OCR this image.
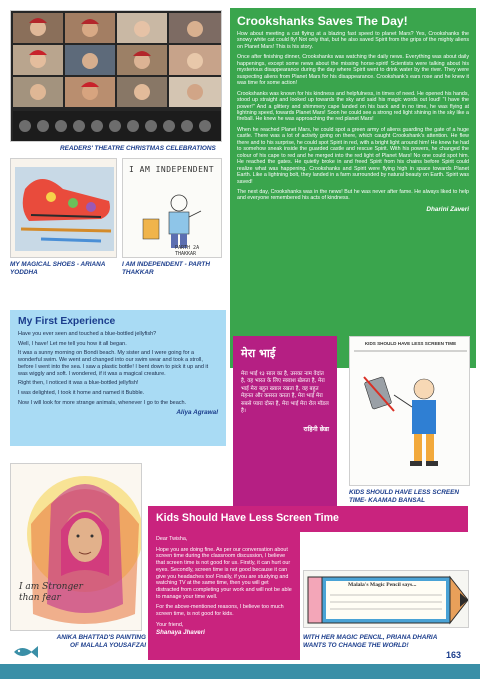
READERS' THEATRE CHRISTMAS CELEBRATIONS
I AM INDEPENDENT
PARTH 2A THAKKAR
MY MAGICAL SHOES - ARIANA YODDHA
I AM INDEPENDENT - PARTH THAKKAR
Crookshanks Saves The Day!

How about meeting a cat flying at a blazing fast speed to planet Mars? Yes, Crookshanks the snowy white cat could fly! Not only that, but he also saved Spirit from the grips of the mighty aliens on Planet Mars! This is his story.

Once after finishing dinner, Crookshanks was watching the daily news. Everything was about daily happenings, except some news about the missing horse-spirit! Scientists were talking about his mysterious disappearance during the day where Spirit went to drink water by the river. They were suspecting aliens from Planet Mars for his disappearance. Crookshank's ears rose and he knew it was time for some action!

Crookshanks was known for his kindness and helpfulness, in times of need. He opened his hands, stood up straight and looked up towards the sky and said his magic words out loud! "I have the power!" And a glittery and shimmery cape landed on his back and in no time, he was flying at lightning speed, towards Planet Mars! Soon he could see a strong red light shining in the sky like a fireball. He knew he was approaching the red planet Mars!

When he reached Planet Mars, he could spot a green army of aliens guarding the gate of a huge castle. There was a lot of activity going on there, which caught Crookshank's attention. He flew there and to his surprise, he could spot Spirit in red, with a bright light around him! He knew he had to somehow sneak inside the guarded castle and rescue Spirit. With his powers, he changed the colour of his cape to red and he merged into the red light of Planet Mars! No one could spot him. He reached the gates. He quietly broke in and freed Spirit from his chains before Spirit could realize what was happening. Crookshanks and Spirit were flying high in space towards Planet Earth. Like a lightning bolt, they landed in a farm surrounded by natural beauty on Earth. Spirit was saved!

The next day, Crookshanks was in the news! But he was never after fame. He always liked to help and everyone remembered his acts of kindness.

Dharini Zaveri
My First Experience

Have you ever seen and touched a blue-bottled jellyfish?

Well, I have! Let me tell you how it all began.

It was a sunny morning on Bondi beach. My sister and I were going for a wonderful swim. We went and changed into our swim wear and took a stroll, before I went into the sea. I saw a plastic bottle! I bent down to pick it up and it was wiggly and soft. I wondered, if it was a magical creature.

Right then, I noticed it was a blue-bottled jellyfish!

I was delighted, I took it home and named it Bubble.

Now I will look for more strange animals, whenever I go to the beach.

Aliya Agrawal
मेरा भाई

मेरा भाई १३ साल का है, उसका नाम वेदांत है, वह भारत के लिए स्क्वाश खेलता है, मेरा भाई मेरा बहुत ख्याल रखता है, वह बहुत मेहनत और कसरत करता है, मेरा भाई मेरा सबसे प्यारा दोस्त है, मेरा भाई मेरा रोल मॉडल है।

राहिनी छेडा
KIDS SHOULD HAVE LESS SCREEN TIME
KIDS SHOULD HAVE LESS SCREEN TIME- KAAMAD BANSAL
I am Stronger than fear
ANIKA BHATTAD'S PAINTING OF MALALA YOUSAFZAI
Kids Should Have Less Screen Time

Dear Twisha,

Hope you are doing fine. As per our conversation about screen time during the classroom discussion, I believe that screen time is not good for us. Firstly, it can hurt our eyes. Secondly, screen time is not good because it can give you headaches too! Finally, if you are studying and watching TV at the same time, then you will get distracted from completing your work and will not be able to manage your time well.

For the above-mentioned reasons, I believe too much screen time, is not good for kids.

Your friend,

Shanaya Jhaveri
Malala's Magic Pencil says...
WITH HER MAGIC PENCIL, PRIANA DHARIA WANTS TO CHANGE THE WORLD!
163
